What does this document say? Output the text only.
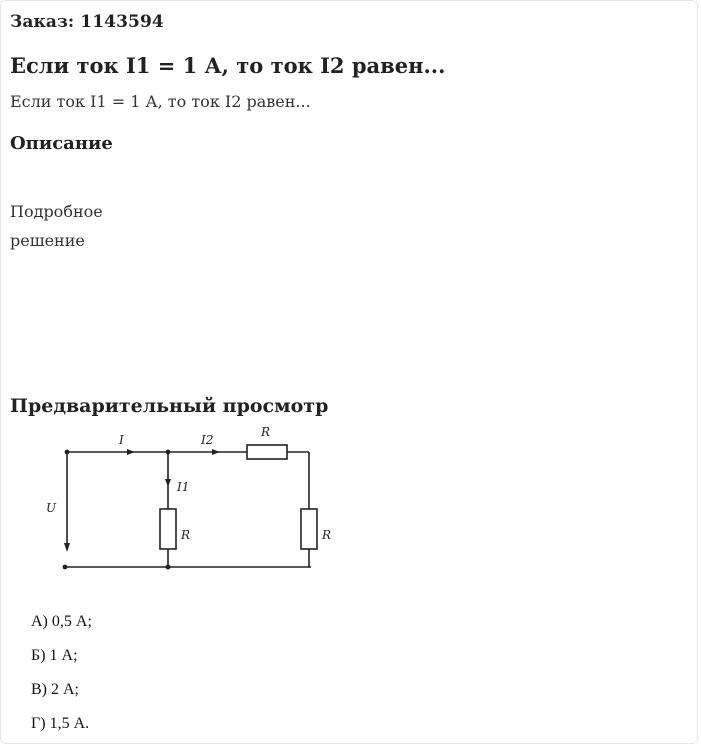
Заказ: 1143594
Если ток I1 = 1 А, то ток I2 равен...
Если ток I1 = 1 А, то ток I2 равен...
Описание
Подробное решение
Предварительный просмотр
U
I	I2
I1
R
R	R
А) 0,5 А;
Б) 1 А;
В) 2 А;
Г) 1,5 А.
